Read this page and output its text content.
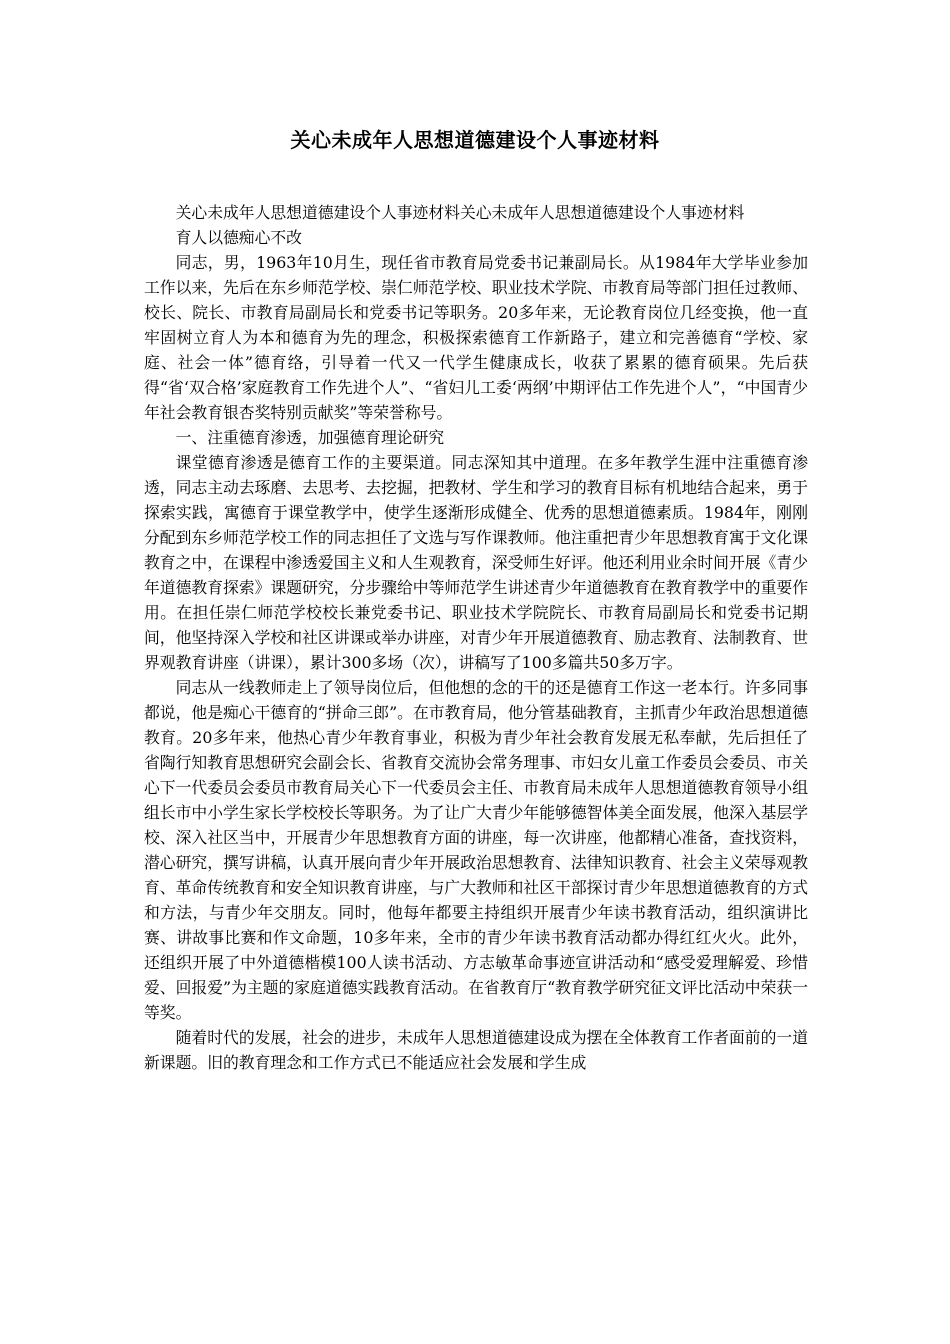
关心未成年人思想道德建设个人事迹材料

关心未成年人思想道德建设个人事迹材料关心未成年人思想道德建设个人事迹材料

育人以德痴心不改

同志，男，1963年10月生，现任省市教育局党委书记兼副局长。从1984年大学毕业参加工作以来，先后在东乡师范学校、崇仁师范学校、职业技术学院、市教育局等部门担任过教师、校长、院长、市教育局副局长和党委书记等职务。20多年来，无论教育岗位几经变换，他一直牢固树立育人为本和德育为先的理念，积极探索德育工作新路子，建立和完善德育“学校、家庭、社会一体”德育络，引导着一代又一代学生健康成长，收获了累累的德育硕果。先后获得“省‘双合格’家庭教育工作先进个人”、“省妇儿工委‘两纲’中期评估工作先进个人”，“中国青少年社会教育银杏奖特别贡献奖”等荣誉称号。

一、注重德育渗透，加强德育理论研究

课堂德育渗透是德育工作的主要渠道。同志深知其中道理。在多年教学生涯中注重德育渗透，同志主动去琢磨、去思考、去挖掘，把教材、学生和学习的教育目标有机地结合起来，勇于探索实践，寓德育于课堂教学中，使学生逐渐形成健全、优秀的思想道德素质。1984年，刚刚分配到东乡师范学校工作的同志担任了文选与写作课教师。他注重把青少年思想教育寓于文化课教育之中，在课程中渗透爱国主义和人生观教育，深受师生好评。他还利用业余时间开展《青少年道德教育探索》课题研究，分步骤给中等师范学生讲述青少年道德教育在教育教学中的重要作用。在担任崇仁师范学校校长兼党委书记、职业技术学院院长、市教育局副局长和党委书记期间，他坚持深入学校和社区讲课或举办讲座，对青少年开展道德教育、励志教育、法制教育、世界观教育讲座（讲课），累计300多场（次），讲稿写了100多篇共50多万字。

同志从一线教师走上了领导岗位后，但他想的念的干的还是德育工作这一老本行。许多同事都说，他是痴心干德育的“拼命三郎”。在市教育局，他分管基础教育，主抓青少年政治思想道德教育。20多年来，他热心青少年教育事业，积极为青少年社会教育发展无私奉献，先后担任了省陶行知教育思想研究会副会长、省教育交流协会常务理事、市妇女儿童工作委员会委员、市关心下一代委员会委员市教育局关心下一代委员会主任、市教育局未成年人思想道德教育领导小组组长市中小学生家长学校校长等职务。为了让广大青少年能够德智体美全面发展，他深入基层学校、深入社区当中，开展青少年思想教育方面的讲座，每一次讲座，他都精心准备，查找资料，潜心研究，撰写讲稿，认真开展向青少年开展政治思想教育、法律知识教育、社会主义荣辱观教育、革命传统教育和安全知识教育讲座，与广大教师和社区干部探讨青少年思想道德教育的方式和方法，与青少年交朋友。同时，他每年都要主持组织开展青少年读书教育活动，组织演讲比赛、讲故事比赛和作文命题，10多年来，全市的青少年读书教育活动都办得红红火火。此外，还组织开展了中外道德楷模100人读书活动、方志敏革命事迹宣讲活动和“感受爱理解爱、珍惜爱、回报爱”为主题的家庭道德实践教育活动。在省教育厅“教育教学研究征文评比活动中荣获一等奖。

随着时代的发展，社会的进步，未成年人思想道德建设成为摆在全体教育工作者面前的一道新课题。旧的教育理念和工作方式已不能适应社会发展和学生成
